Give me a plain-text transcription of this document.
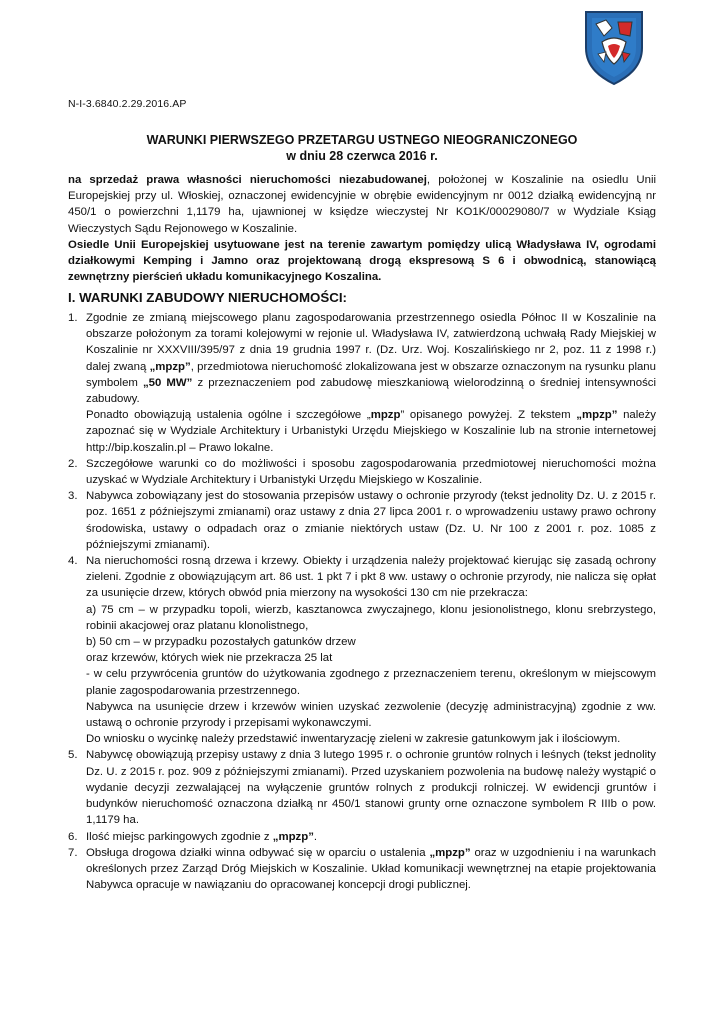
N-I-3.6840.2.29.2016.AP
WARUNKI PIERWSZEGO PRZETARGU USTNEGO NIEOGRANICZONEGO
w dniu 28 czerwca 2016 r.

na sprzedaż prawa własności nieruchomości niezabudowanej, położonej w Koszalinie na osiedlu Unii Europejskiej przy ul. Włoskiej, oznaczonej ewidencyjnie w obrębie ewidencyjnym nr 0012 działką ewidencyjną nr 450/1 o powierzchni 1,1179 ha, ujawnionej w księdze wieczystej Nr KO1K/00029080/7 w Wydziale Ksiąg Wieczystych Sądu Rejonowego w Koszalinie.

Osiedle Unii Europejskiej usytuowane jest na terenie zawartym pomiędzy ulicą Władysława IV, ogrodami działkowymi Kemping i Jamno oraz projektowaną drogą ekspresową S 6 i obwodnicą, stanowiącą zewnętrzny pierścień układu komunikacyjnego Koszalina.

I. WARUNKI ZABUDOWY NIERUCHOMOŚCI:
1. Zgodnie ze zmianą miejscowego planu zagospodarowania przestrzennego osiedla Północ II w Koszalinie na obszarze położonym za torami kolejowymi w rejonie ul. Władysława IV, zatwierdzoną uchwałą Rady Miejskiej w Koszalinie nr XXXVIII/395/97 z dnia 19 grudnia 1997 r. (Dz. Urz. Woj. Koszalińskiego nr 2, poz. 11 z 1998 r.) dalej zwaną „mpzp”, przedmiotowa nieruchomość zlokalizowana jest w obszarze oznaczonym na rysunku planu symbolem „50 MW” z przeznaczeniem pod zabudowę mieszkaniową wielorodzinną o średniej intensywności zabudowy.

Ponadto obowiązują ustalenia ogólne i szczegółowe „mpzp” opisanego powyżej. Z tekstem „mpzp” należy zapoznać się w Wydziale Architektury i Urbanistyki Urzędu Miejskiego w Koszalinie lub na stronie internetowej http://bip.koszalin.pl – Prawo lokalne.

2. Szczegółowe warunki co do możliwości i sposobu zagospodarowania przedmiotowej nieruchomości można uzyskać w Wydziale Architektury i Urbanistyki Urzędu Miejskiego w Koszalinie.

3. Nabywca zobowiązany jest do stosowania przepisów ustawy o ochronie przyrody (tekst jednolity Dz. U. z 2015 r. poz. 1651 z późniejszymi zmianami) oraz ustawy z dnia 27 lipca 2001 r. o wprowadzeniu ustawy prawo ochrony środowiska, ustawy o odpadach oraz o zmianie niektórych ustaw (Dz. U. Nr 100 z 2001 r. poz. 1085 z późniejszymi zmianami).

4. Na nieruchomości rosną drzewa i krzewy. Obiekty i urządzenia należy projektować kierując się zasadą ochrony zieleni. Zgodnie z obowiązującym art. 86 ust. 1 pkt 7 i pkt 8 ww. ustawy o ochronie przyrody, nie nalicza się opłat za usunięcie drzew, których obwód pnia mierzony na wysokości 130 cm nie przekracza:

a) 75 cm – w przypadku topoli, wierzb, kasztanowca zwyczajnego, klonu jesionolistnego, klonu srebrzystego, robinii akacjowej oraz platanu klonolistnego,

b) 50 cm – w przypadku pozostałych gatunków drzew

oraz krzewów, których wiek nie przekracza 25 lat

- w celu przywrócenia gruntów do użytkowania zgodnego z przeznaczeniem terenu, określonym w miejscowym planie zagospodarowania przestrzennego.

Nabywca na usunięcie drzew i krzewów winien uzyskać zezwolenie (decyzję administracyjną) zgodnie z ww. ustawą o ochronie przyrody i przepisami wykonawczymi.

Do wniosku o wycinkę należy przedstawić inwentaryzację zieleni w zakresie gatunkowym jak i ilościowym.

5. Nabywcę obowiązują przepisy ustawy z dnia 3 lutego 1995 r. o ochronie gruntów rolnych i leśnych (tekst jednolity Dz. U. z 2015 r. poz. 909 z późniejszymi zmianami). Przed uzyskaniem pozwolenia na budowę należy wystąpić o wydanie decyzji zezwalającej na wyłączenie gruntów rolnych z produkcji rolniczej. W ewidencji gruntów i budynków nieruchomość oznaczona działką nr 450/1 stanowi grunty orne oznaczone symbolem R IIIb o pow. 1,1179 ha.

6. Ilość miejsc parkingowych zgodnie z „mpzp”.

7. Obsługa drogowa działki winna odbywać się w oparciu o ustalenia „mpzp” oraz w uzgodnieniu i na warunkach określonych przez Zarząd Dróg Miejskich w Koszalinie. Układ komunikacji wewnętrznej na etapie projektowania Nabywca opracuje w nawiązaniu do opracowanej koncepcji drogi publicznej.
